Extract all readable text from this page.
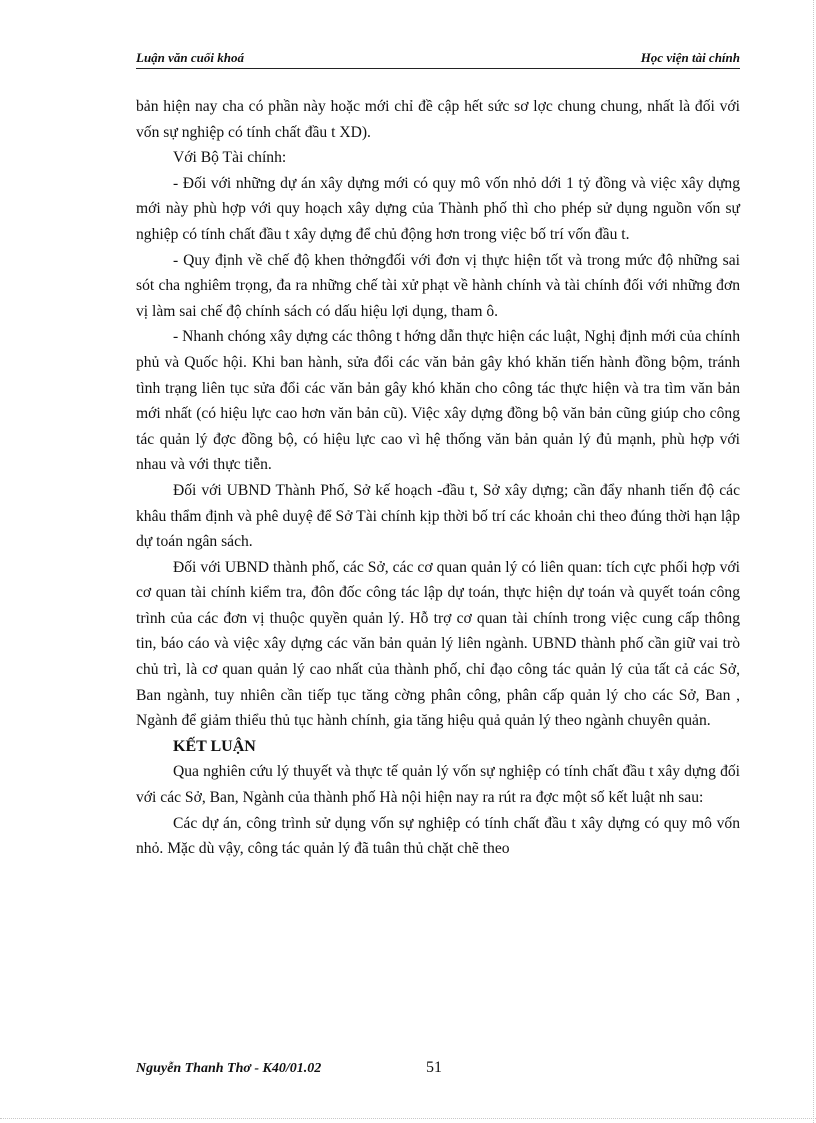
Luận văn cuối khoá	Học viện tài chính

bản hiện nay cha có phần này hoặc mới chỉ đề cập hết sức sơ lợc chung chung, nhất là đối với vốn sự nghiệp có tính chất đầu t XD).

Với Bộ Tài chính:

- Đối với những dự án xây dựng mới có quy mô vốn nhỏ dới 1 tỷ đồng và việc xây dựng mới này phù hợp với quy hoạch xây dựng của Thành phố thì cho phép sử dụng nguồn vốn sự nghiệp có tính chất đầu t xây dựng để chủ động hơn trong việc bố trí vốn đầu t.

- Quy định về chế độ khen thởngđối với đơn vị thực hiện tốt và trong mức độ những sai sót cha nghiêm trọng, đa ra những chế tài xử phạt về hành chính và tài chính đối với những đơn vị làm sai chế độ chính sách có dấu hiệu lợi dụng, tham ô.

- Nhanh chóng xây dựng các thông t hớng dẫn thực hiện các luật, Nghị định mới của chính phủ và Quốc hội. Khi ban hành, sửa đổi các văn bản gây khó khăn tiến hành đồng bộm, tránh tình trạng liên tục sửa đổi các văn bản gây khó khăn cho công tác thực hiện và tra tìm văn bản mới nhất (có hiệu lực cao hơn văn bản cũ). Việc xây dựng đồng bộ văn bản cũng giúp cho công tác quản lý đợc đồng bộ, có hiệu lực cao vì hệ thống văn bản quản lý đủ mạnh, phù hợp với nhau và với thực tiễn.

Đối với UBND Thành Phố, Sở kế hoạch -đầu t, Sở xây dựng; cần đẩy nhanh tiến độ các khâu thẩm định và phê duyệ để Sở Tài chính kịp thời bố trí các khoản chi theo đúng thời hạn lập dự toán ngân sách.

Đối với UBND thành phố, các Sở, các cơ quan quản lý có liên quan: tích cực phối hợp với cơ quan tài chính kiểm tra, đôn đốc công tác lập dự toán, thực hiện dự toán và quyết toán công trình của các đơn vị thuộc quyền quản lý. Hỗ trợ cơ quan tài chính trong việc cung cấp thông tin, báo cáo và việc xây dựng các văn bản quản lý liên ngành. UBND thành phố cần giữ vai trò chủ trì, là cơ quan quản lý cao nhất của thành phố, chỉ đạo công tác quản lý của tất cả các Sở, Ban ngành, tuy nhiên cần tiếp tục tăng cờng phân công, phân cấp quản lý cho các Sở, Ban , Ngành để giảm thiểu thủ tục hành chính, gia tăng hiệu quả quản lý theo ngành chuyên quản.

KẾT LUẬN

Qua nghiên cứu lý thuyết và thực tế quản lý vốn sự nghiệp có tính chất đầu t xây dựng đối với các Sở, Ban, Ngành của thành phố Hà nội hiện nay ra rút ra đợc một số kết luật nh sau:

Các dự án, công trình sử dụng vốn sự nghiệp có tính chất đầu t xây dựng có quy mô vốn nhỏ. Mặc dù vậy, công tác quản lý đã tuân thủ chặt chẽ theo

Nguyễn Thanh Thơ - K40/01.02	51
